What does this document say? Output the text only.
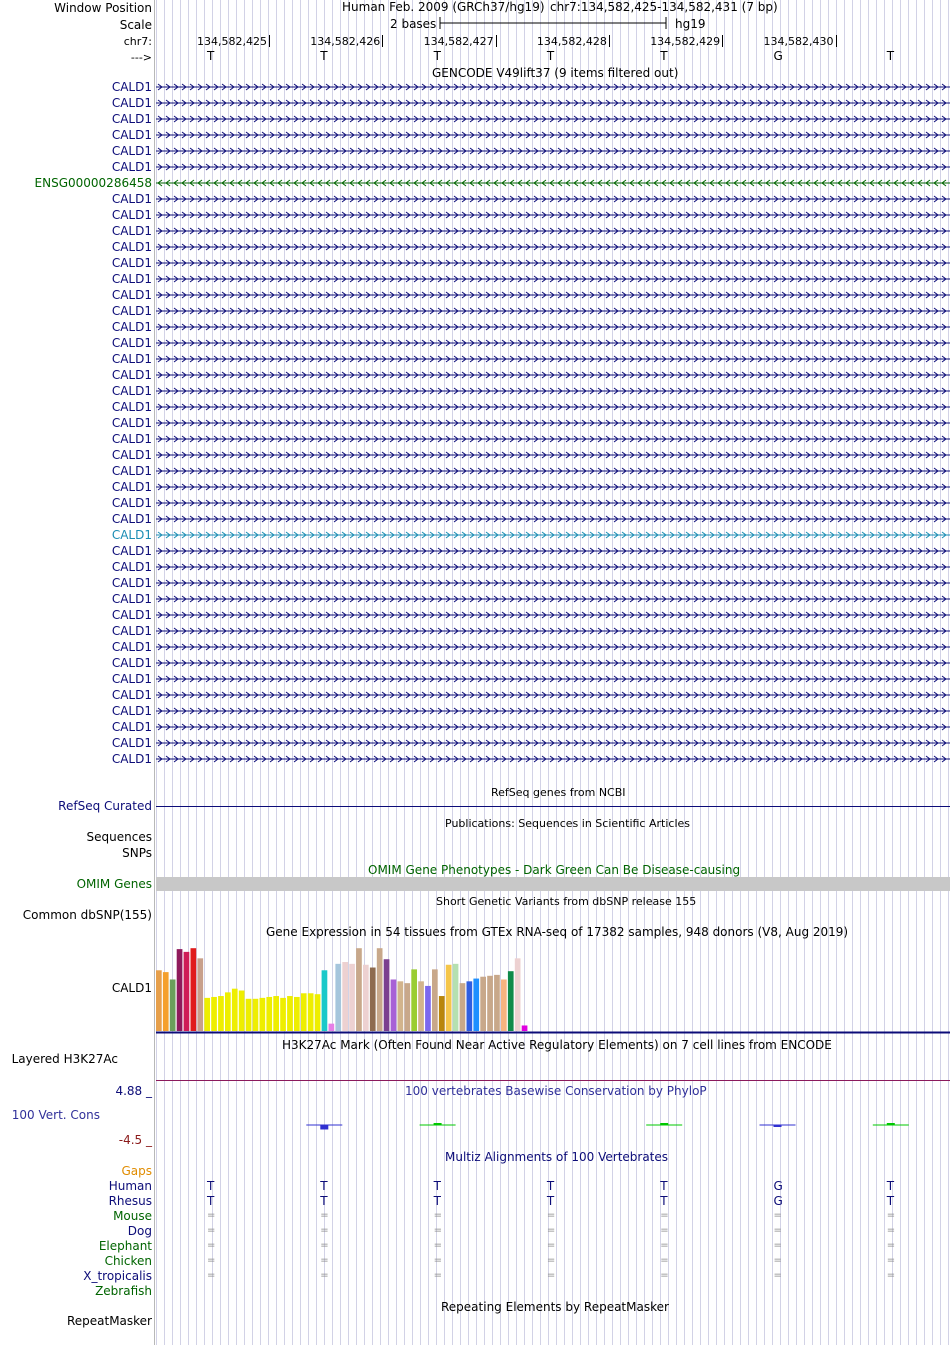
Window Position
Scale
chr7:
--->
CALD1
CALD1
CALD1
CALD1
CALD1
CALD1
ENSG00000286458
CALD1
CALD1
CALD1
CALD1
CALD1
CALD1
CALD1
CALD1
CALD1
CALD1
CALD1
CALD1
CALD1
CALD1
CALD1
CALD1
CALD1
CALD1
CALD1
CALD1
CALD1
CALD1
CALD1
CALD1
CALD1
CALD1
CALD1
CALD1
CALD1
CALD1
CALD1
CALD1
CALD1
CALD1
CALD1
CALD1
RefSeq Curated
Sequences
SNPs
OMIM Genes
Common dbSNP(155)
CALD1
Layered H3K27Ac
4.88 _
100 Vert. Cons
-4.5 _
Gaps
Human
Rhesus
Mouse
Dog
Elephant
Chicken
X_tropicalis
Zebrafish
RepeatMasker
Human Feb. 2009 (GRCh37/hg19) chr7:134,582,425-134,582,431 (7 bp)
2 bases	hg19
134,582,425	134,582,426	134,582,427	134,582,428	134,582,429	134,582,430
T	T	T	T	T	G	T
GENCODE V49lift37 (9 items filtered out)
RefSeq genes from NCBI
Publications: Sequences in Scientific Articles
OMIM Gene Phenotypes - Dark Green Can Be Disease-causing
Short Genetic Variants from dbSNP release 155
Gene Expression in 54 tissues from GTEx RNA-seq of 17382 samples, 948 donors (V8, Aug 2019)
H3K27Ac Mark (Often Found Near Active Regulatory Elements) on 7 cell lines from ENCODE
100 vertebrates Basewise Conservation by PhyloP
Multiz Alignments of 100 Vertebrates
T	T	T	T	T	G	T
T	T	T	T	T	G	T
=	=	=	=	=	=	=
=	=	=	=	=	=	=
=	=	=	=	=	=	=
=	=	=	=	=	=	=
=	=	=	=	=	=	=
Repeating Elements by RepeatMasker
